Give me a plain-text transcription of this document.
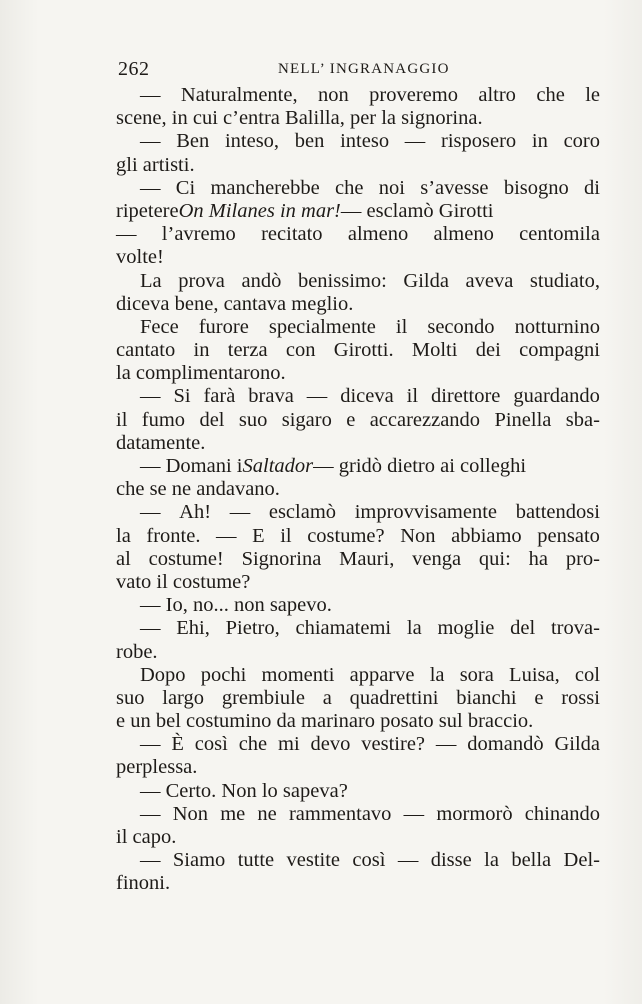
262	NELL’ INGRANAGGIO
— Naturalmente, non proveremo altro che le
scene, in cui c’entra Balilla, per la signorina.
— Ben inteso, ben inteso — risposero in coro
gli artisti.
— Ci mancherebbe che noi s’avesse bisogno di
ripetere On Milanes in mar! — esclamò Girotti
— l’avremo recitato almeno almeno centomila
volte!
La prova andò benissimo: Gilda aveva studiato,
diceva bene, cantava meglio.
Fece furore specialmente il secondo notturnino
cantato in terza con Girotti. Molti dei compagni
la complimentarono.
— Si farà brava — diceva il direttore guardando
il fumo del suo sigaro e accarezzando Pinella sba-
datamente.
— Domani i Saltador — gridò dietro ai colleghi
che se ne andavano.
— Ah! — esclamò improvvisamente battendosi
la fronte. — E il costume? Non abbiamo pensato
al costume! Signorina Mauri, venga qui: ha pro-
vato il costume?
— Io, no... non sapevo.
— Ehi, Pietro, chiamatemi la moglie del trova-
robe.
Dopo pochi momenti apparve la sora Luisa, col
suo largo grembiule a quadrettini bianchi e rossi
e un bel costumino da marinaro posato sul braccio.
— È così che mi devo vestire? — domandò Gilda
perplessa.
— Certo. Non lo sapeva?
— Non me ne rammentavo — mormorò chinando
il capo.
— Siamo tutte vestite così — disse la bella Del-
finoni.
